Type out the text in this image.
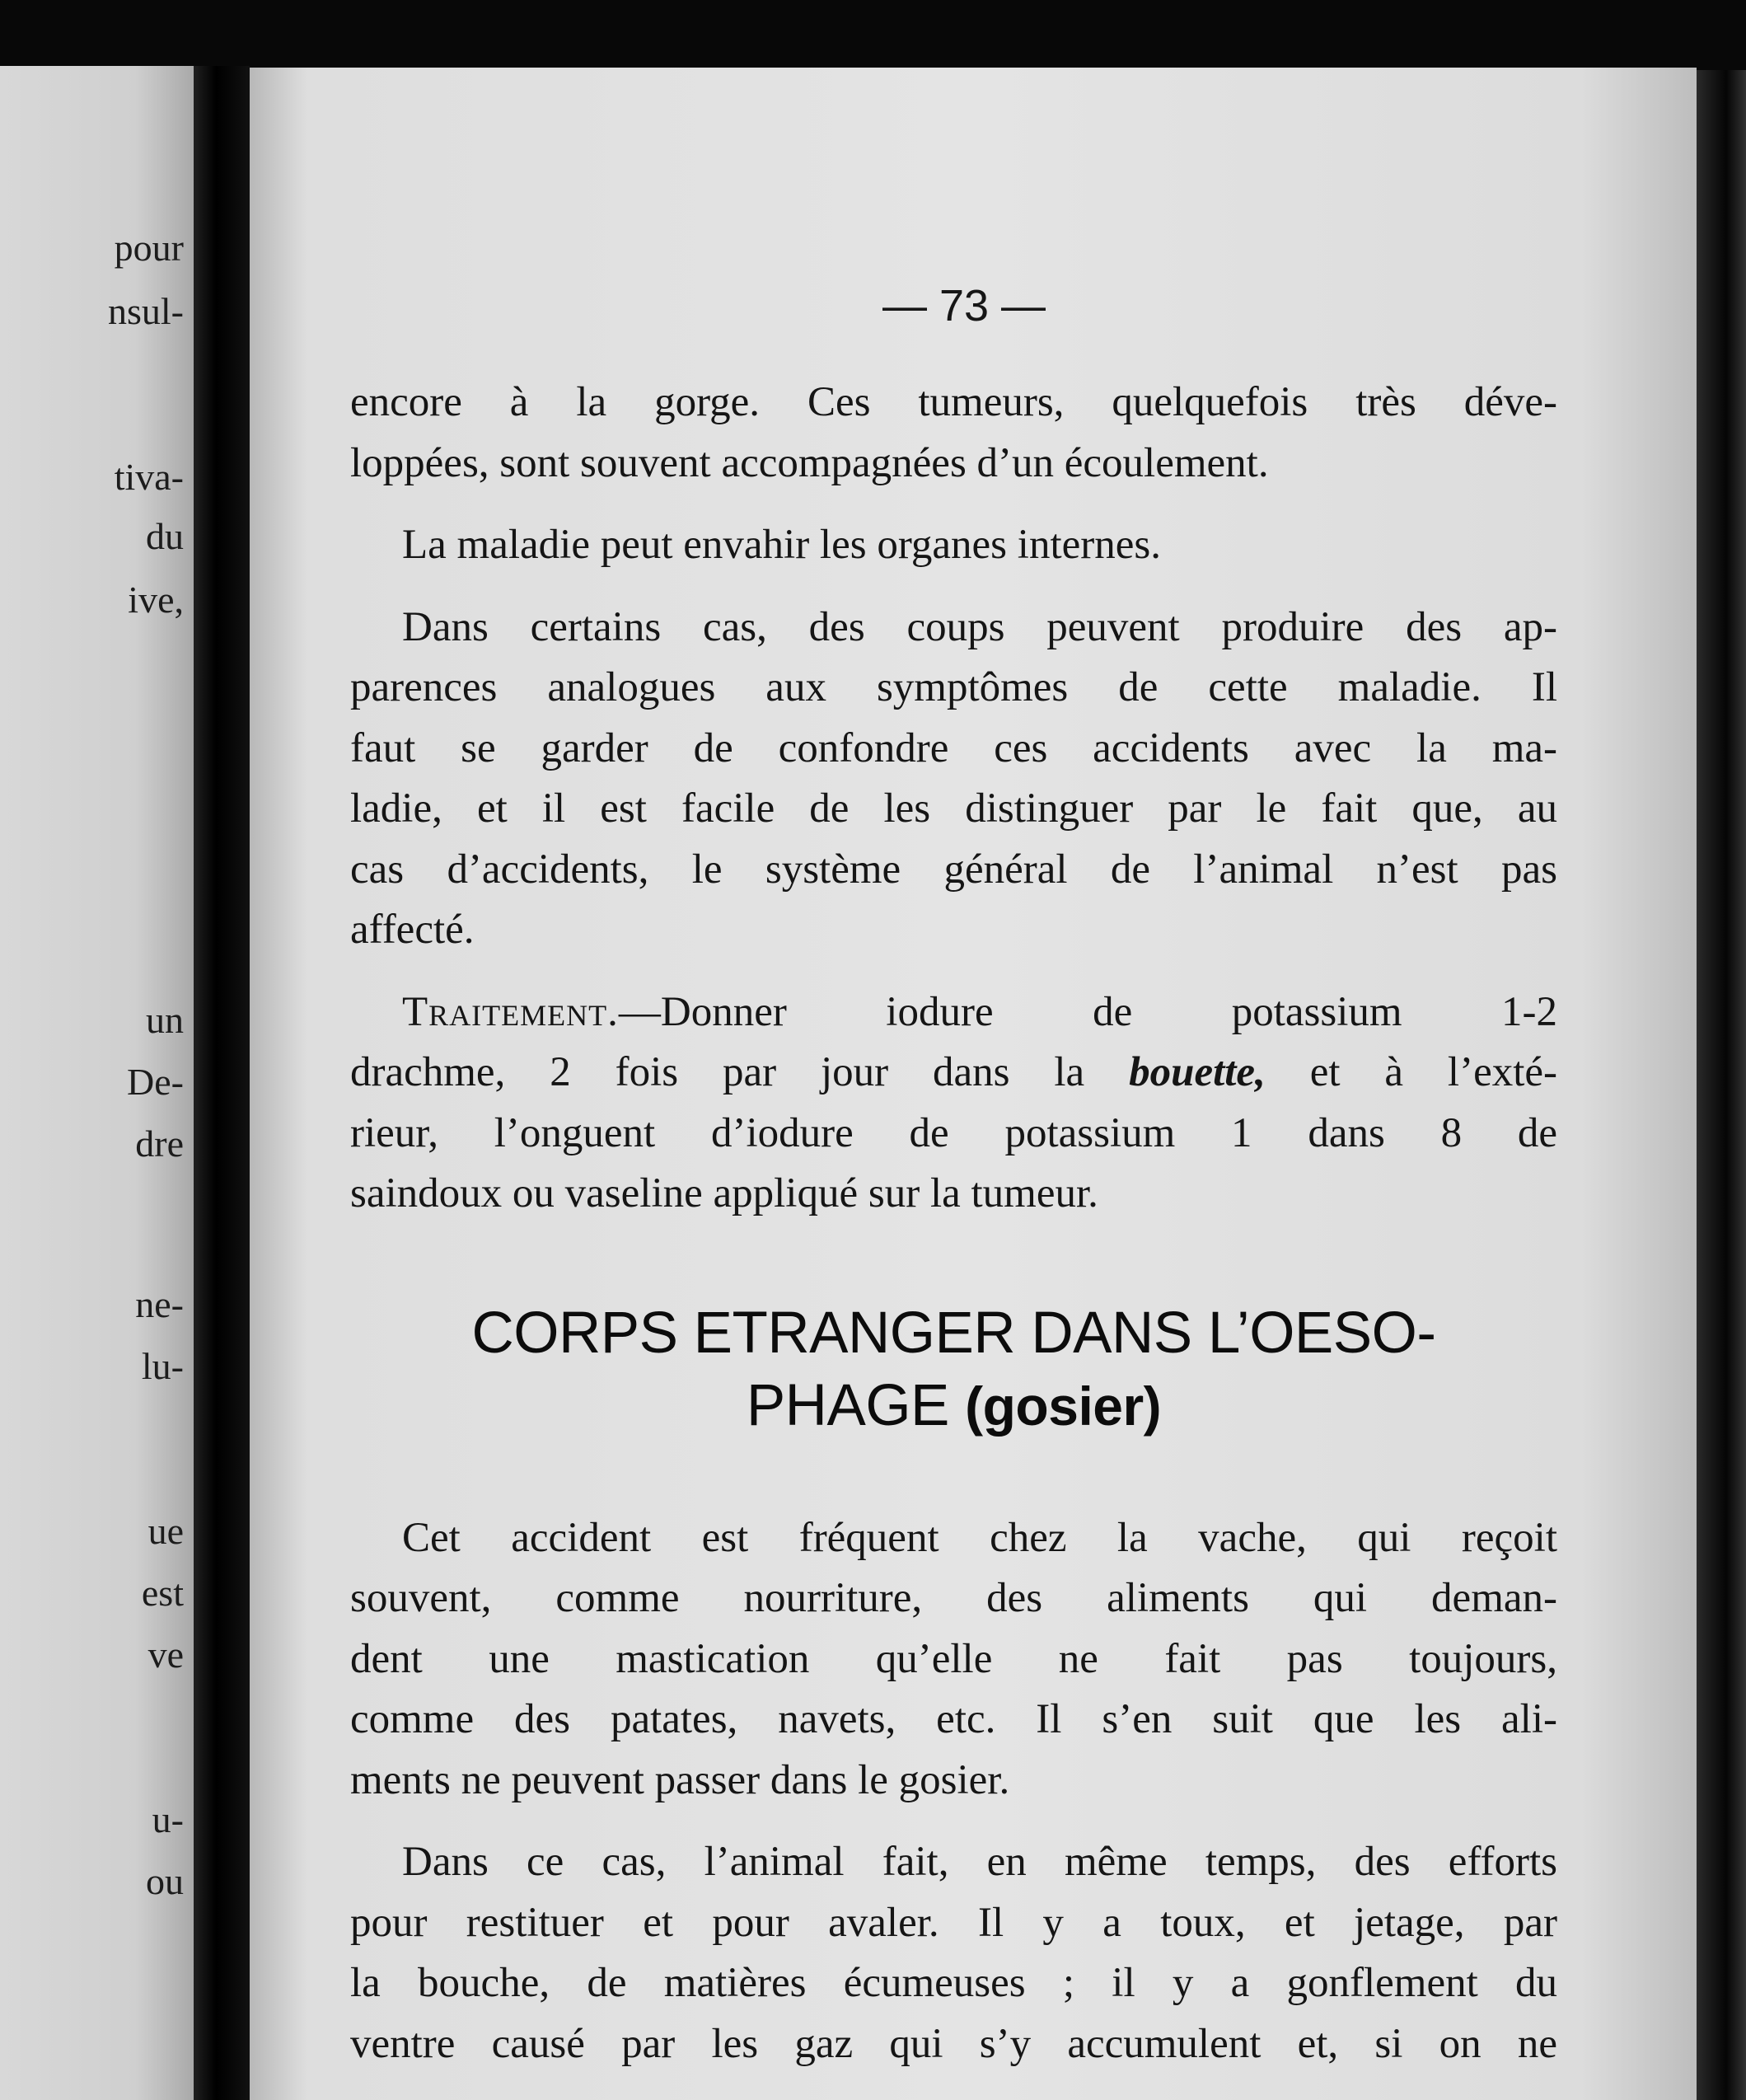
pour
nsul-
tiva-
du
ive,
un
De-
dre
ne-
lu-
ue
est
ve
u-
ou
— 73 —

encore à la gorge. Ces tumeurs, quelquefois très déve-
loppées, sont souvent accompagnées d’un écoulement.

La maladie peut envahir les organes internes.

Dans certains cas, des coups peuvent produire des ap-
parences analogues aux symptômes de cette maladie. Il
faut se garder de confondre ces accidents avec la ma-
ladie, et il est facile de les distinguer par le fait que, au
cas d’accidents, le système général de l’animal n’est pas
affecté.

Traitement.—Donner iodure de potassium 1-2
drachme, 2 fois par jour dans la bouette, et à l’exté-
rieur, l’onguent d’iodure de potassium 1 dans 8 de
saindoux ou vaseline appliqué sur la tumeur.

CORPS ETRANGER DANS L’OESO-
PHAGE (gosier)

Cet accident est fréquent chez la vache, qui reçoit
souvent, comme nourriture, des aliments qui deman-
dent une mastication qu’elle ne fait pas toujours,
comme des patates, navets, etc. Il s’en suit que les ali-
ments ne peuvent passer dans le gosier.

Dans ce cas, l’animal fait, en même temps, des efforts
pour restituer et pour avaler. Il y a toux, et jetage, par
la bouche, de matières écumeuses ; il y a gonflement du
ventre causé par les gaz qui s’y accumulent et, si on ne
